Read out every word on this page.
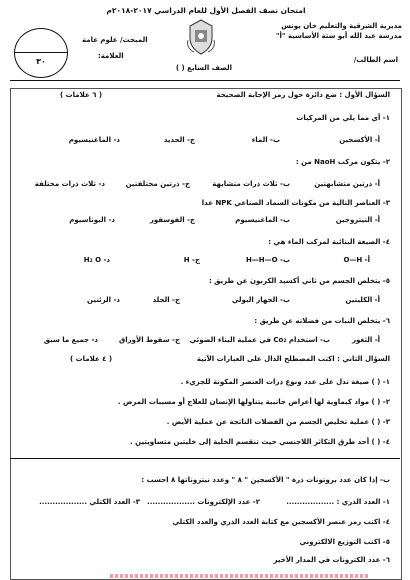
امتحان نصف الفصل الأول للعام الدراسي ٢٠١٧-٢٠١٨م
مديرية الشرقية والتعليم خان يونس
مدرسة عبد الله أبو ستة الأساسية "أ"
اسم الطالب/
الصف السابع ( )
المبحث/ علوم عامة
العلامة:
٣٠
السؤال الأول : ضع دائرة حول رمز الإجابة الصحيحة
( ٦ علامات )
١- أي مما يلي من المركبات
أ- الأكسجين
ب- الماء
ج- الحديد
د- الماغنيسيوم
٢- يتكون مركب NaoH من :
أ- ذرتين متشابهتين
ب- ثلاث ذرات متشابهة
ج- ذرتين مختلفتين
د- ثلاث ذرات مختلفة
٣- العناصر التالية من مكونات السماد الصناعي NPK عدا
أ- النيتروجين
ب- الماغنيسيوم
ج- الفوسفور
د- البوتاسيوم
٤- الصيغة البنائية لمركب الماء هي :
أ- O—H
ب- H—H—O
ج- H
د- H₂ O
٥- يتخلص الجسم من ثاني أكسيد الكربون عن طريق :
أ- الكليتين
ب- الجهاز البولي
ج- الجلد
د- الرئتين
٦- يتخلص النبات من فضلاته عن طريق :
أ- الثغور
ب- استخدام Co₂ في عملية البناء الضوئي
ج- سقوط الأوراق
د- جميع ما سبق
السؤال الثاني : اكتب المصطلح الدال على العبارات الآتية
( ٤ علامات )
١- ( ) صيغة تدل على عدد ونوع ذرات العنصر المكونة للجزيء .
٢- ( ) مواد كيماوية لها أعراض جانبية يتناولها الإنسان للعلاج أو مسببات المرض .
٣- ( ) عملية تخليص الجسم من الفضلات الناتجة عن عملية الأيض .
٤- ( ) أحد طرق التكاثر اللاجنسي حيث تنقسم الخلية إلى خليتين متساويتين .
ب- إذا كان عدد بروتونات ذرة " الأكسجين " ٨ " وعدد نيتروناتها ٨ احسب :
١- العدد الذري : ..................
٢- عدد الإلكترونات ..................
٣- العدد الكتلي ..................
٤- اكتب رمز عنصر الأكسجين مع كتابة العدد الذري والعدد الكتلي
٥- اكتب التوزيع الالكتروني
٦- عدد الكترونات في المدار الأخير
